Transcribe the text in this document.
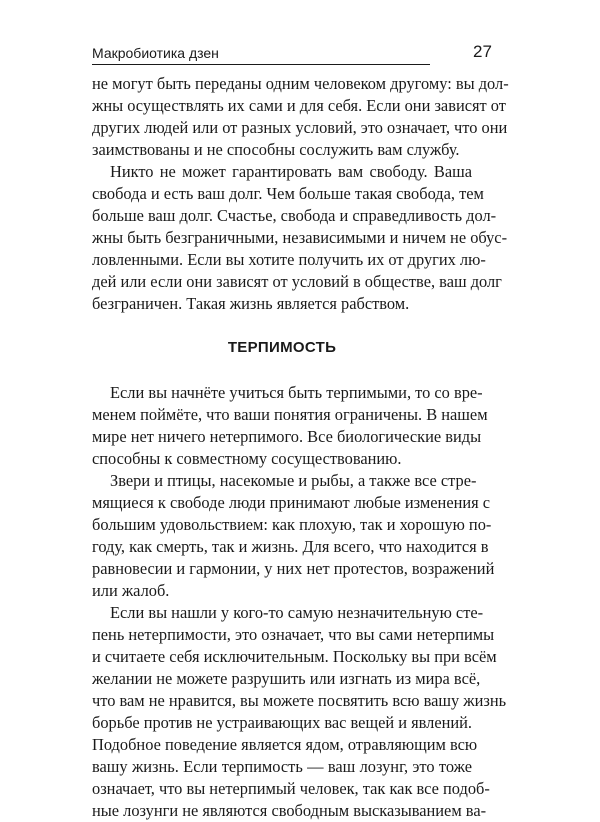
Макробиотика дзен	27
не могут быть переданы одним человеком другому: вы дол-
жны осуществлять их сами и для себя. Если они зависят от
других людей или от разных условий, это означает, что они
заимствованы и не способны сослужить вам службу.
Никто не может гарантировать вам свободу. Ваша
свобода и есть ваш долг. Чем больше такая свобода, тем
больше ваш долг. Счастье, свобода и справедливость дол-
жны быть безграничными, независимыми и ничем не обус-
ловленными. Если вы хотите получить их от других лю-
дей или если они зависят от условий в обществе, ваш долг
безграничен. Такая жизнь является рабством.
ТЕРПИМОСТЬ
Если вы начнёте учиться быть терпимыми, то со вре-
менем поймёте, что ваши понятия ограничены. В нашем
мире нет ничего нетерпимого. Все биологические виды
способны к совместному сосуществованию.
Звери и птицы, насекомые и рыбы, а также все стре-
мящиеся к свободе люди принимают любые изменения с
большим удовольствием: как плохую, так и хорошую по-
году, как смерть, так и жизнь. Для всего, что находится в
равновесии и гармонии, у них нет протестов, возражений
или жалоб.
Если вы нашли у кого-то самую незначительную сте-
пень нетерпимости, это означает, что вы сами нетерпимы
и считаете себя исключительным. Поскольку вы при всём
желании не можете разрушить или изгнать из мира всё,
что вам не нравится, вы можете посвятить всю вашу жизнь
борьбе против не устраивающих вас вещей и явлений.
Подобное поведение является ядом, отравляющим всю
вашу жизнь. Если терпимость — ваш лозунг, это тоже
означает, что вы нетерпимый человек, так как все подоб-
ные лозунги не являются свободным высказыванием ва-
